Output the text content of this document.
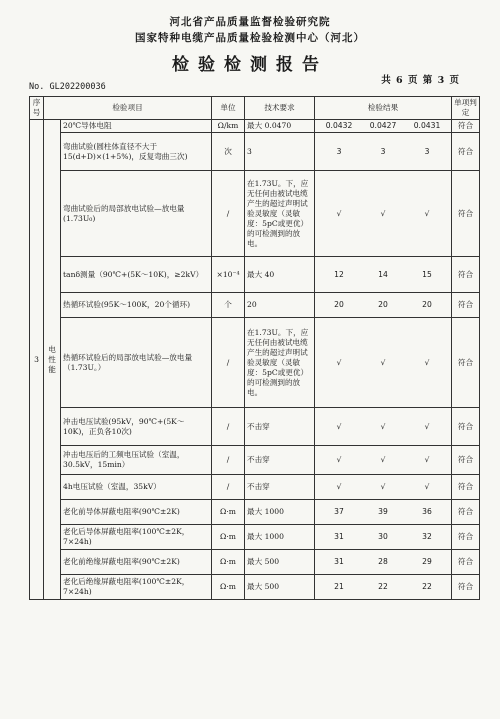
河北省产品质量监督检验研究院
国家特种电缆产品质量检验检测中心（河北）
检验检测报告
共 6 页 第 3 页
No. GL202200036
序号	检验项目		单位	技术要求	检验结果	单项判定
3	电性能	20℃导体电阻	Ω/km	最大 0.0470	0.0432 0.0427 0.0431	符合
		弯曲试验(圆柱体直径不大于15(d+D)×(1+5%)，反复弯曲三次)	次	3	3 3 3	符合
		弯曲试验后的局部放电试验—放电量(1.73U₀)	/	在1.73U。下，应无任何由被试电缆产生的超过声明试验灵敏度（灵敏度：5pC或更优）的可检测到的放电。	√ √ √	符合
		tanδ测量（90℃+(5K～10K)，≥2kV）	×10⁻⁴	最大 40	12 14 15	符合
		热循环试验(95K～100K，20个循环)	个	20	20 20 20	符合
		热循环试验后的局部放电试验—放电量（1.73U。）	/	在1.73U。下，应无任何由被试电缆产生的超过声明试验灵敏度（灵敏度：5pC或更优）的可检测到的放电。	√ √ √	符合
		冲击电压试验(95kV，90℃+(5K～10K)，正负各10次)	/	不击穿	√ √ √	符合
		冲击电压后的工频电压试验（室温，30.5kV，15min）	/	不击穿	√ √ √	符合
		4h电压试验（室温，35kV）	/	不击穿	√ √ √	符合
		老化前导体屏蔽电阻率(90℃±2K)	Ω·m	最大 1000	37 39 36	符合
		老化后导体屏蔽电阻率(100℃±2K，7×24h)	Ω·m	最大 1000	31 30 32	符合
		老化前绝缘屏蔽电阻率(90℃±2K)	Ω·m	最大 500	31 28 29	符合
		老化后绝缘屏蔽电阻率(100℃±2K，7×24h)	Ω·m	最大 500	21 22 22	符合
